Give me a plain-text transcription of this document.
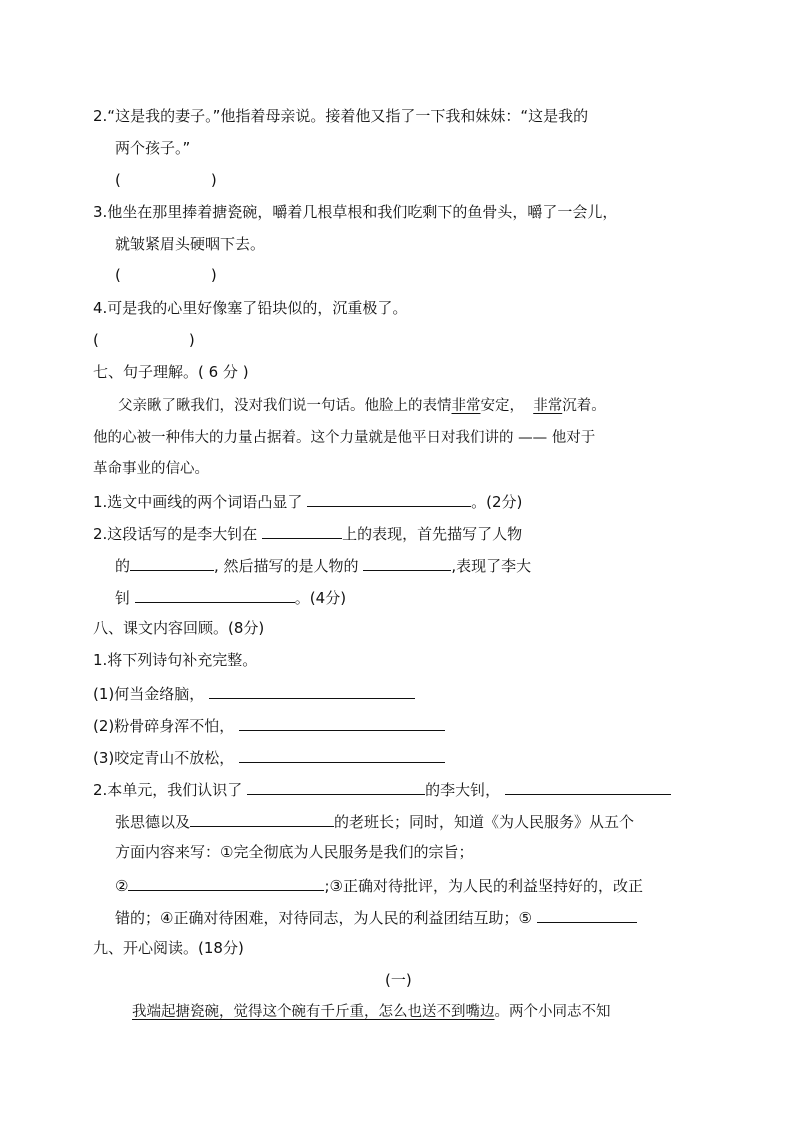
2.“这是我的妻子。”他指着母亲说。接着他又指了一下我和妹妹：“这是我的
两个孩子。”
(　　　　　　)
3.他坐在那里捧着搪瓷碗，嚼着几根草根和我们吃剩下的鱼骨头，嚼了一会儿，
就皱紧眉头硬咽下去。
(　　　　　　)
4.可是我的心里好像塞了铅块似的，沉重极了。
(　　　　　　)
七、句子理解。( 6 分 )
父亲瞅了瞅我们，没对我们说一句话。他脸上的表情非常安定， 非常沉着。
他的心被一种伟大的力量占据着。这个力量就是他平日对我们讲的 —— 他对于
革命事业的信心。
1.选文中画线的两个词语凸显了	。(2分)
2.这段话写的是李大钊在	上的表现，首先描写了人物
的	, 然后描写的是人物的	,表现了李大
钊	。(4分)
八、课文内容回顾。(8分)
1.将下列诗句补充完整。
(1)何当金络脑，
(2)粉骨碎身浑不怕，
(3)咬定青山不放松，
2.本单元，我们认识了	的李大钊，
张思德以及	的老班长；同时，知道《为人民服务》从五个
方面内容来写：①完全彻底为人民服务是我们的宗旨；
②	;③正确对待批评，为人民的利益坚持好的，改正
错的；④正确对待困难，对待同志，为人民的利益团结互助；⑤
九、开心阅读。(18分)
(一)
我端起搪瓷碗，觉得这个碗有千斤重，怎么也送不到嘴边。两个小同志不知
